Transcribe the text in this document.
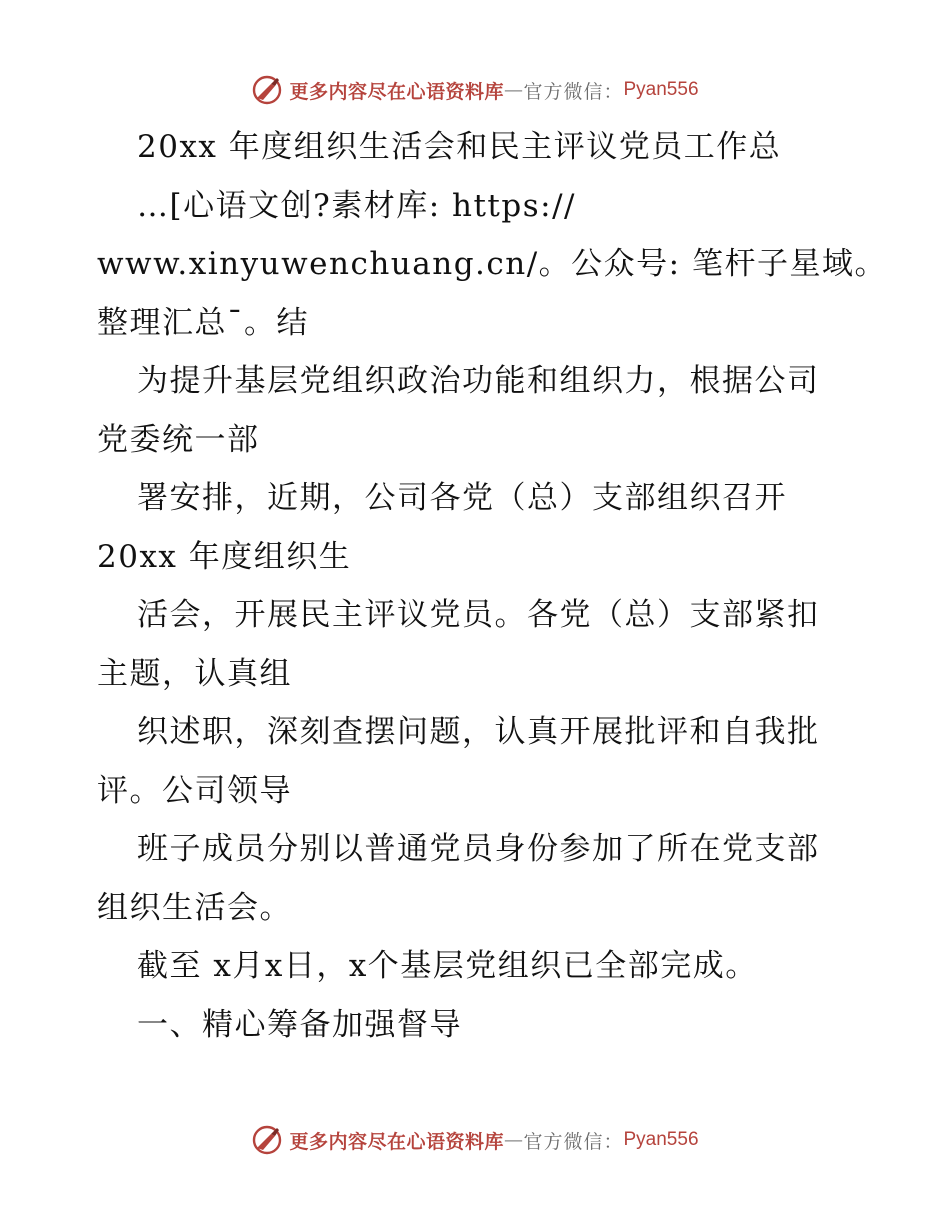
更多内容尽在心语资料库 — 官方微信： Pyan556
20xx 年度组织生活会和民主评议党员工作总
…[心语文创?素材库: https://
www.xinyuwenchuang.cn/。公众号: 笔杆子星域。
整理汇总¯。结
为提升基层党组织政治功能和组织力，根据公司
党委统一部
署安排，近期，公司各党（总）支部组织召开
20xx 年度组织生
活会，开展民主评议党员。各党（总）支部紧扣
主题，认真组
织述职，深刻查摆问题，认真开展批评和自我批
评。公司领导
班子成员分别以普通党员身份参加了所在党支部
组织生活会。
截至 x月x日，x个基层党组织已全部完成。
一、精心筹备加强督导
更多内容尽在心语资料库 — 官方微信： Pyan556
